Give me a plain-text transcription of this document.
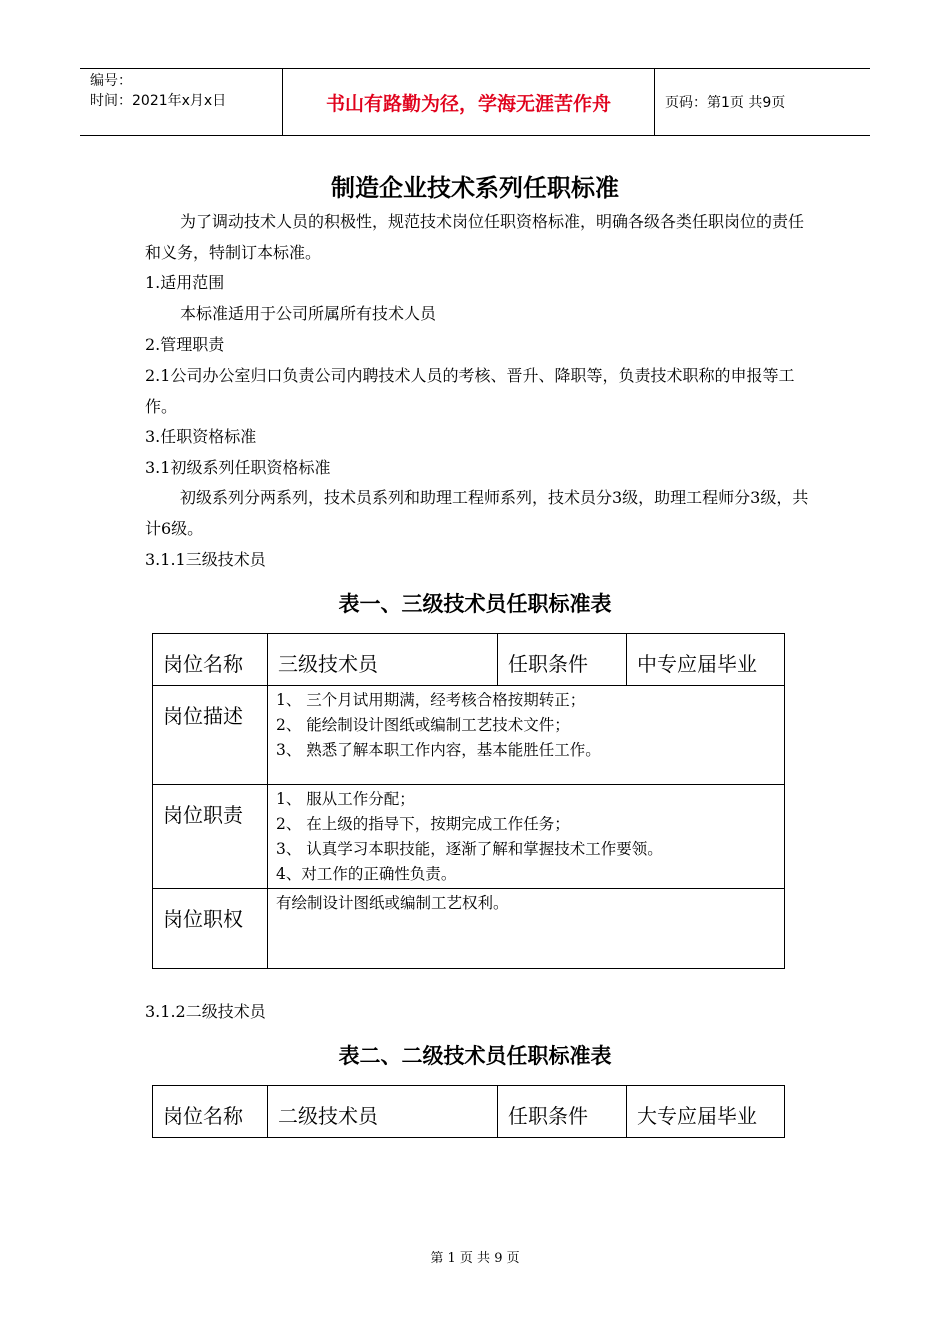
编号：
时间：2021年x月x日	书山有路勤为径，学海无涯苦作舟	页码：第1页 共9页
制造企业技术系列任职标准
为了调动技术人员的积极性，规范技术岗位任职资格标准，明确各级各类任职岗位的责任和义务，特制订本标准。
1.适用范围
本标准适用于公司所属所有技术人员
2.管理职责
2.1公司办公室归口负责公司内聘技术人员的考核、晋升、降职等，负责技术职称的申报等工作。
3.任职资格标准
3.1初级系列任职资格标准
初级系列分两系列，技术员系列和助理工程师系列，技术员分3级，助理工程师分3级，共计6级。
3.1.1三级技术员
表一、三级技术员任职标准表
岗位名称	三级技术员	任职条件	中专应届毕业
岗位描述	1、 三个月试用期满，经考核合格按期转正；
2、 能绘制设计图纸或编制工艺技术文件；
3、 熟悉了解本职工作内容，基本能胜任工作。		

岗位职责	1、 服从工作分配；
2、 在上级的指导下，按期完成工作任务；
3、 认真学习本职技能，逐渐了解和掌握技术工作要领。
4、对工作的正确性负责。		

岗位职权	有绘制设计图纸或编制工艺权利。		
3.1.2二级技术员
表二、二级技术员任职标准表
岗位名称	二级技术员	任职条件	大专应届毕业
第 1 页 共 9 页
